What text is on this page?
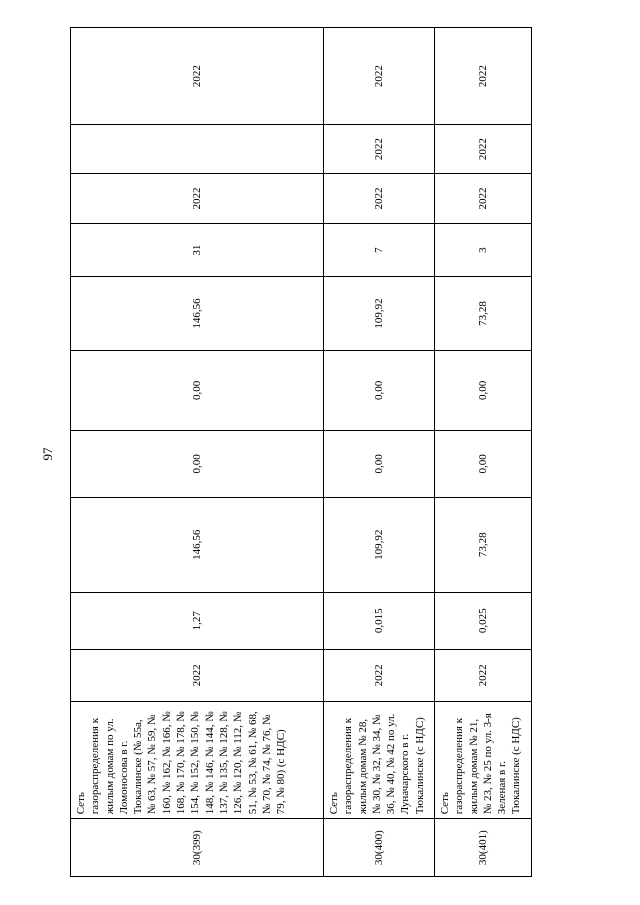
97
30(399)	Сеть газораспределения к жилым домам по ул. Ломоносова в г. Тюкалинске (№ 55а, № 63, № 57, № 59, № 160, № 162, № 166, № 168, № 170, № 178, № 154, № 152, № 150, № 148, № 146, № 144, № 137, № 135, № 128, № 126, № 120, № 112, № 51, № 53, № 61, № 68, № 70, № 74, № 76, № 79, № 80) (с НДС)	2022	1,27	146,56	0,00	0,00	146,56	31	2022		2022
30(400)	Сеть газораспределения к жилым домам № 28, № 30, № 32, № 34, № 36, № 40, № 42 по ул. Луначарского в г. Тюкалинске (с НДС)	2022	0,015	109,92	0,00	0,00	109,92	7	2022	2022	2022
30(401)	Сеть газораспределения к жилым домам № 21, № 23, № 25 по ул. 3-я Зеленая в г. Тюкалинске (с НДС)	2022	0,025	73,28	0,00	0,00	73,28	3	2022	2022	2022
